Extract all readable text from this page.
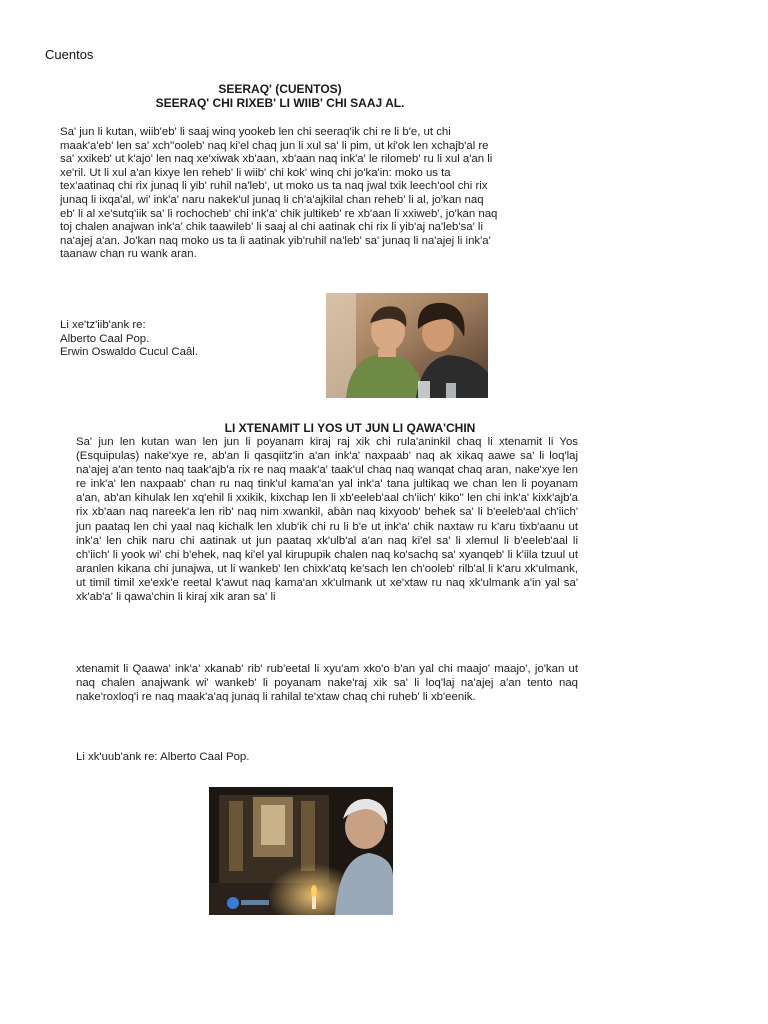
Cuentos
SEERAQ' (CUENTOS)
SEERAQ' CHI RIXEB' LI WIIB' CHI SAAJ AL.

Sa' jun li kutan, wiib'eb' li saaj winq yookeb len chi seeraq'ik chi re li b'e, ut chi maak'a'eb' len sa' xch''ooleb' naq ki'el chaq jun li xul sa' li pim, ut ki'ok len xchajb'al re sa' xxikeb' ut k'ajo' len naq xe'xiwak xb'aan, xb'aan naq ink'a' le rilomeb' ru li xul a'an li xe'ril. Ut li xul a'an kixye len reheb' li wiib' chi kok' winq chi jo'ka'in: moko us ta tex'aatinaq chi rix junaq li yib' ruhil na'leb', ut moko us ta naq jwal txik leech'ool chi rix junaq li ixqa'al, wi' ink'a' naru nakek'ul junaq li ch'a'ajkilal chan reheb' li al, jo'kan naq eb' li al xe'sutq'iik sa' li rochocheb' chi ink'a' chik jultikeb' re xb'aan li xxiweb', jo'kan naq toj chalen anajwan ink'a' chik taawileb' li saaj al chi aatinak chi rix li yib'aj na'leb'sa' li na'ajej a'an. Jo'kan naq moko us ta li aatinak yib'ruhil na'leb' sa' junaq li na'ajej li ink'a' taanaw chan ru wank aran.

Li xe'tz'iib'ank re:
Alberto Caal Pop.
Erwin Oswaldo Cucul Caâl.
LI XTENAMIT LI YOS UT JUN LI QAWA'CHIN

Sa' jun len kutan wan len jun li poyanam kiraj raj xik chi rula'aninkil chaq li xtenamit li Yos (Esquipulas) nake'xye re, ab'an li qasqiitz'in a'an ink'a' naxpaab' naq ak xikaq aawe sa' li loq'laj na'ajej a'an tento naq taak'ajb'a rix re naq maak'a' taak'ul chaq naq wanqat chaq aran, nake'xye len re ink'a' len naxpaab' chan ru naq tink'ul kama'an yal ink'a' tana jultikaq we chan len li poyanam a'an, ab'an kihulak len xq'ehil li xxikik, kixchap len li xb'eeleb'aal ch'iich' kiko'' len chi ink'a' kixk'ajb'a rix xb'aan naq nareek'a len rib' naq nim xwankil, abàn naq kixyoob' behek sa' li b'eeleb'aal ch'iich' jun paataq len chi yaal naq kichalk len xlub'ik chi ru li b'e ut ink'a' chik naxtaw ru k'aru tixb'aanu ut ink'a' len chik naru chi aatinak ut jun paataq xk'ulb'al a'an naq ki'el sa' li xlemul li b'eeleb'aal li ch'iich' li yook wi' chi b'ehek, naq ki'el yal kirupupik chalen naq ko'sachq sa' xyanqeb' li k'iila tzuul ut aranlen kikana chi junajwa, ut li wankeb' len chixk'atq ke'sach len ch'ooleb' rilb'al li k'aru xk'ulmank, ut timil timil xe'exk'e reetal k'awut naq kama'an xk'ulmank ut xe'xtaw ru naq xk'ulmank a'in yal sa' xk'ab'a' li qawa'chin li kiraj xik aran sa' li

xtenamit li Qaawa' ink'a' xkanab' rib' rub'eetal li xyu'am xko'o b'an yal chi maajo' maajo', jo'kan ut naq chalen anajwank wi' wankeb' li poyanam nake'raj xik sa' li loq'laj na'ajej a'an tento naq nake'roxloq'i re naq maak'a'aq junaq li rahilal te'xtaw chaq chi ruheb' li xb'eenik.

Li xk'uub'ank re: Alberto Caal Pop.
